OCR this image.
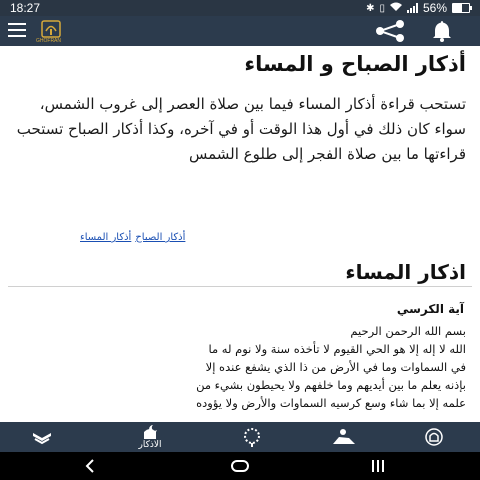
18:27	✱ ▯	56%
GHOFRAN
أذكار الصباح و المساء
تستحب قراءة أذكار المساء فيما بين صلاة العصر إلى غروب الشمس، سواء كان ذلك في أول هذا الوقت أو في آخره، وكذا أذكار الصباح تستحب قراءتها ما بين صلاة الفجر إلى طلوع الشمس
أذكار الصباح
أذكار المساء
اذكار المساء
آية الكرسي

بسم الله الرحمن الرحيم

الله لا إله إلا هو الحي القيوم لا تأخذه سنة ولا نوم له ما

في السماوات وما في الأرض من ذا الذي يشفع عنده إلا

بإذنه يعلم ما بين أيديهم وما خلفهم ولا يحيطون بشيء من

علمه إلا بما شاء وسع كرسيه السماوات والأرض ولا يؤوده

الاذكار
